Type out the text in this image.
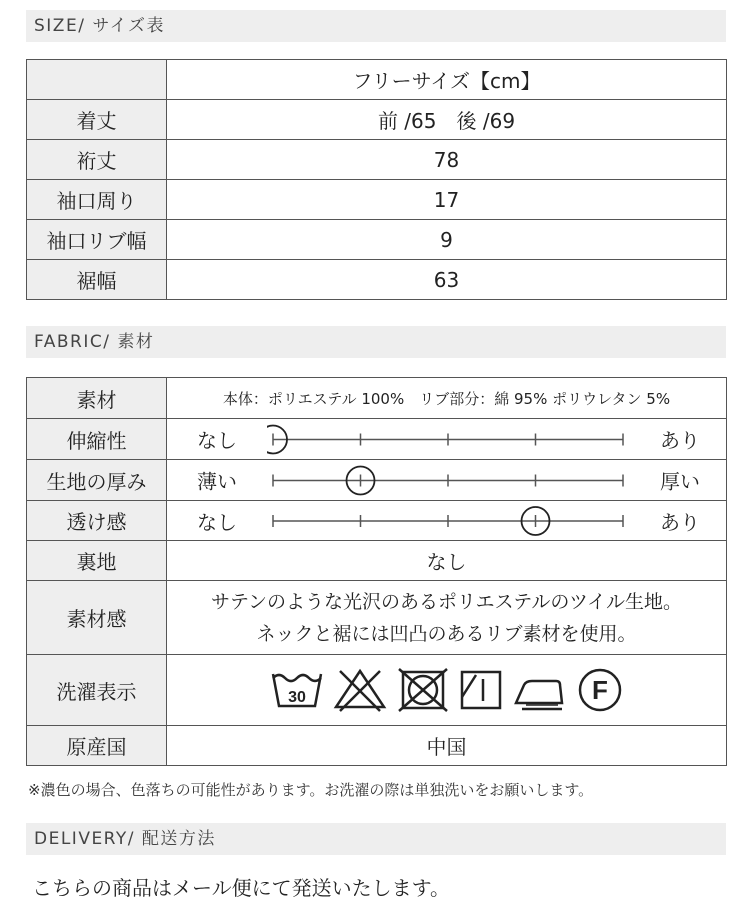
SIZE/ サイズ表
	フリーサイズ【cm】
着丈	前 /65　後 /69
裄丈	78
袖口周り	17
袖口リブ幅	9
裾幅	63
FABRIC/ 素材
素材	本体：ポリエステル 100%　リブ部分：綿 95% ポリウレタン 5%
伸縮性	なし あり

生地の厚み	薄い 厚い

透け感	なし あり

裏地	なし
素材感	サテンのような光沢のあるポリエステルのツイル生地。
ネックと裾には凹凸のあるリブ素材を使用。

洗濯表示	30 F

原産国	中国
※濃色の場合、色落ちの可能性があります。お洗濯の際は単独洗いをお願いします。
DELIVERY/ 配送方法
こちらの商品はメール便にて発送いたします。
